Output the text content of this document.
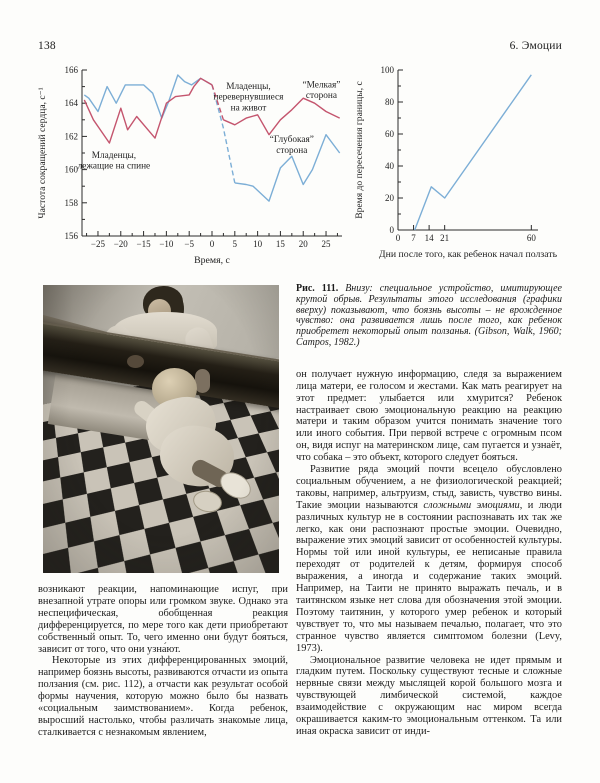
138	6. Эмоции
156
158
160
162
164
166
−25 −20 −15 −10 −5 0 5 10 15 20 25
Младенцы,
перевернувшиеся
на живот
“Мелкая”
сторона
“Глубокая”
сторона
Младенцы,
лежащие на спине
Частота сокращений сердца, с⁻¹
Время, с
0
20
40
60
80
100
0 7 14 21	60
Время до пересечения границы, с
Дни после того, как ребенок начал ползать

возникают реакции, напоминающие испуг, при внезапной утрате опоры или громком звуке. Однако эта неспецифическая, обобщенная реакция дифференцируется, по мере того как дети приобретают собственный опыт. То, чего именно они будут бояться, зависит от того, что они узна́ют.

Некоторые из этих дифференцированных эмоций, например боязнь высоты, развиваются отчасти из опыта ползания (см. рис. 112), а отчасти как результат особой формы научения, которую можно было бы назвать «социальным заимствованием». Когда ребенок, выросший настолько, чтобы различать знакомые лица, сталкивается с незнакомым явлением,

Рис. 111. Внизу: специальное устройство, имитирующее крутой обрыв. Результаты этого исследования (графики вверху) показывают, что боязнь высоты – не врожденное чувство: она развивается лишь после того, как ребенок приобретет некоторый опыт ползанья. (Gibson, Walk, 1960; Campos, 1982.)

он получает нужную информацию, следя за выражением лица матери, ее голосом и жестами. Как мать реагирует на этот предмет: улыбается или хмурится? Ребенок настраивает свою эмоциональную реакцию на реакцию матери и таким образом учится понимать значение того или иного события. При первой встрече с огромным псом он, видя испуг на материнском лице, сам пугается и узнаёт, что собака – это объект, которого следует бояться.

Развитие ряда эмоций почти всецело обусловлено социальным обучением, а не физиологической реакцией; таковы, например, альтруизм, стыд, зависть, чувство вины. Такие эмоции называются сложными эмоциями, и люди различных культур не в состоянии распознавать их так же легко, как они распознают простые эмоции. Очевидно, выражение этих эмоций зависит от особенностей культуры. Нормы той или иной культуры, ее неписаные правила переходят от родителей к детям, формируя способ выражения, а иногда и содержание таких эмоций. Например, на Таити не принято выражать печаль, и в таитянском языке нет слова для обозначения этой эмоции. Поэтому таитянин, у которого умер ребенок и который чувствует то, что мы называем печалью, полагает, что это странное чувство является симптомом болезни (Levy, 1973).

Эмоциональное развитие человека не идет прямым и гладким путем. Поскольку существуют тесные и сложные нервные связи между мыслящей корой большого мозга и чувствующей лимбической системой, каждое взаимодействие с окружающим нас миром всегда окрашивается каким-то эмоциональным оттенком. Та или иная окраска зависит от инди-
